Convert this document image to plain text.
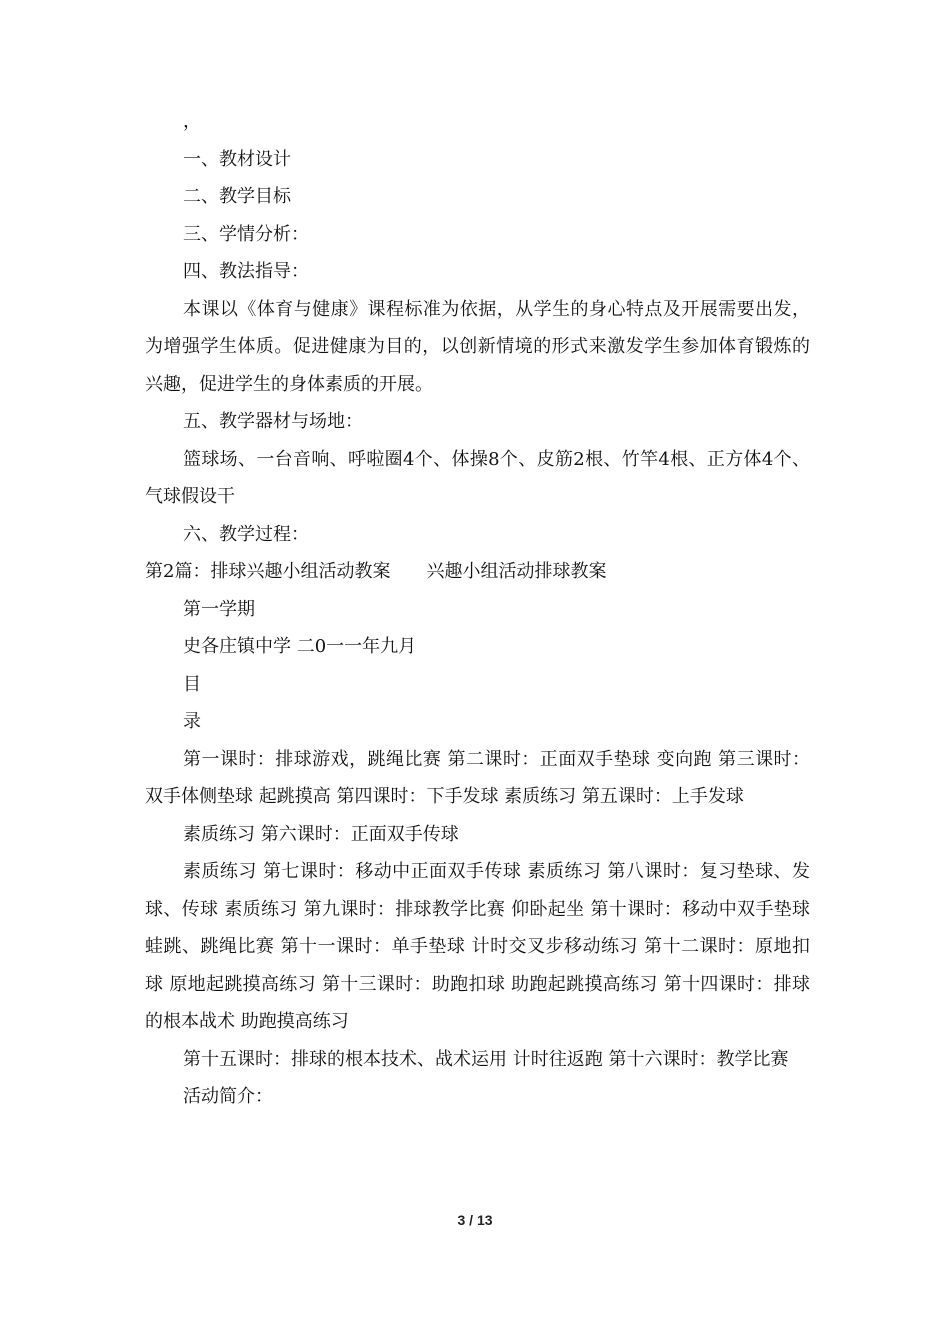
，

一、教材设计

二、教学目标

三、学情分析：

四、教法指导：

本课以《体育与健康》课程标准为依据，从学生的身心特点及开展需要出发，为增强学生体质。促进健康为目的，以创新情境的形式来激发学生参加体育锻炼的兴趣，促进学生的身体素质的开展。

五、教学器材与场地：

篮球场、一台音响、呼啦圈4个、体操8个、皮筋2根、竹竿4根、正方体4个、气球假设干

六、教学过程：

第2篇：排球兴趣小组活动教案　　兴趣小组活动排球教案

第一学期

史各庄镇中学 二0一一年九月

目

录

第一课时：排球游戏，跳绳比赛 第二课时：正面双手垫球 变向跑 第三课时：双手体侧垫球 起跳摸高 第四课时：下手发球 素质练习 第五课时：上手发球

素质练习 第六课时：正面双手传球

素质练习 第七课时：移动中正面双手传球 素质练习 第八课时：复习垫球、发球、传球 素质练习 第九课时：排球教学比赛 仰卧起坐 第十课时：移动中双手垫球 蛙跳、跳绳比赛 第十一课时：单手垫球 计时交叉步移动练习 第十二课时：原地扣球 原地起跳摸高练习 第十三课时：助跑扣球 助跑起跳摸高练习 第十四课时：排球的根本战术 助跑摸高练习

第十五课时：排球的根本技术、战术运用 计时往返跑 第十六课时：教学比赛

活动简介：

3 / 13
